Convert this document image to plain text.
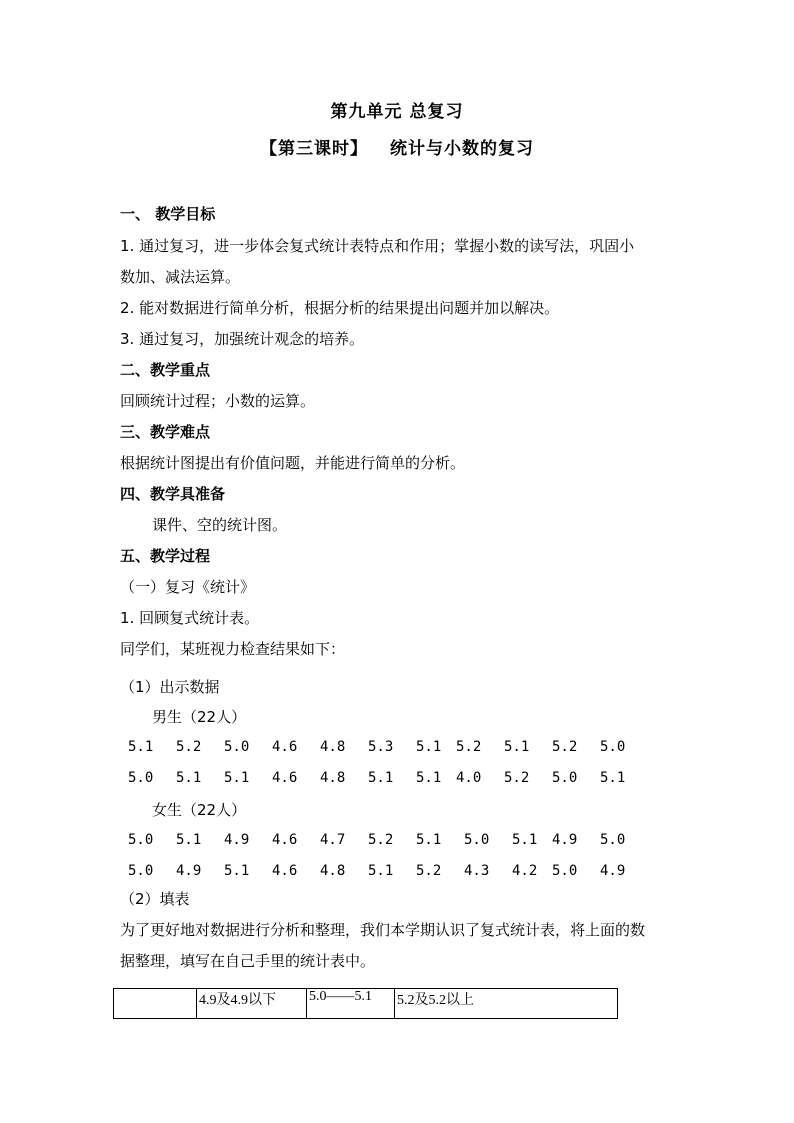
第九单元 总复习
【第三课时】 统计与小数的复习
一、 教学目标
1. 通过复习，进一步体会复式统计表特点和作用；掌握小数的读写法，巩固小
数加、减法运算。
2. 能对数据进行简单分析，根据分析的结果提出问题并加以解决。
3. 通过复习，加强统计观念的培养。
二、教学重点
回顾统计过程；小数的运算。
三、教学难点
根据统计图提出有价值问题，并能进行简单的分析。
四、教学具准备
课件、空的统计图。
五、教学过程
（一）复习《统计》
1. 回顾复式统计表。
同学们，某班视力检查结果如下：
（1）出示数据
男生（22人）
5.1 5.2 5.0 4.6 4.8 5.3 5.1 5.2 5.1 5.2 5.0
5.0 5.1 5.1 4.6 4.8 5.1 5.1 4.0 5.2 5.0 5.1
女生（22人）
5.0 5.1 4.9 4.6 4.7 5.2 5.1 5.0 5.1 4.9 5.0
5.0 4.9 5.1 4.6 4.8 5.1 5.2 4.3 4.2 5.0 4.9
（2）填表
为了更好地对数据进行分析和整理，我们本学期认识了复式统计表，将上面的数
据整理，填写在自己手里的统计表中。
	4.9及4.9以下	5.0——5.1	5.2及5.2以上
